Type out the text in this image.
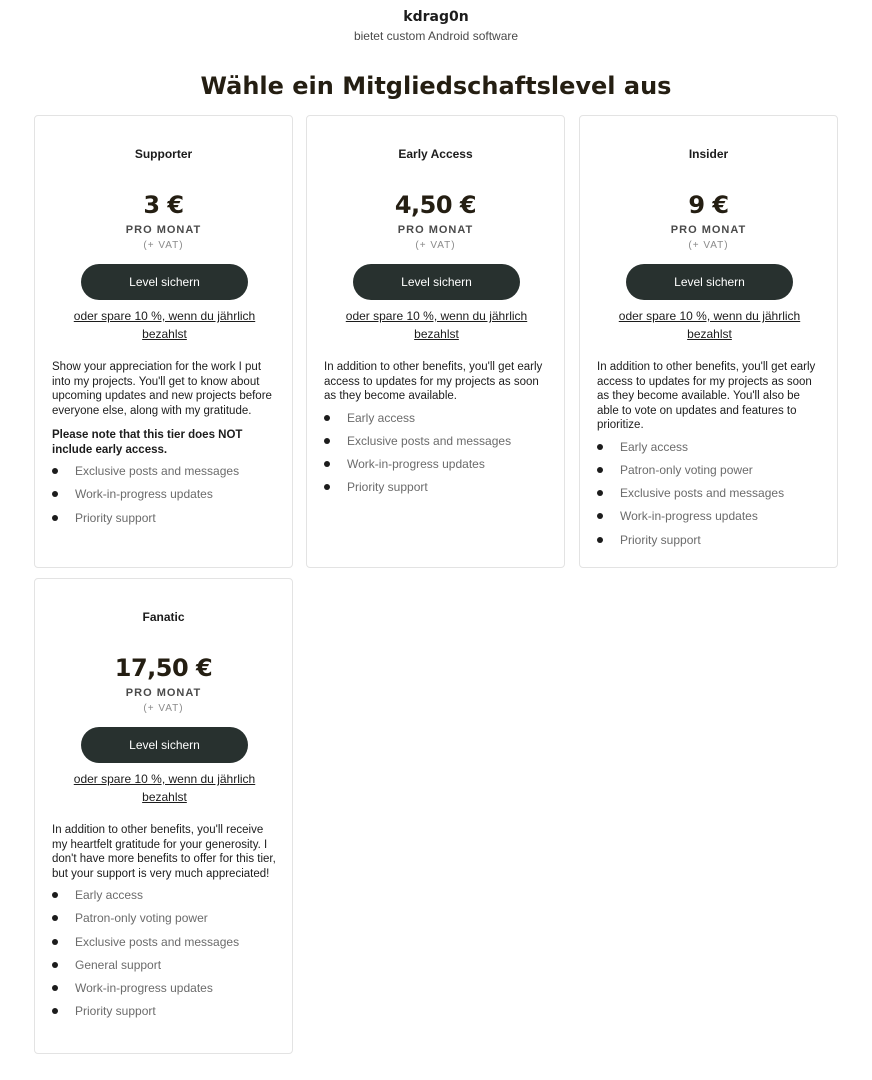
kdrag0n
bietet custom Android software
Wähle ein Mitgliedschaftslevel aus
Supporter
3 €
PRO MONAT
(+ VAT)
Level sichern
oder spare 10 %, wenn du jährlich bezahlst

Show your appreciation for the work I put into my projects. You'll get to know about upcoming updates and new projects before everyone else, along with my gratitude.

Please note that this tier does NOT include early access.

Exclusive posts and messages
Work-in-progress updates
Priority support
Early Access
4,50 €
PRO MONAT
(+ VAT)
Level sichern
oder spare 10 %, wenn du jährlich bezahlst

In addition to other benefits, you'll get early access to updates for my projects as soon as they become available.

Early access
Exclusive posts and messages
Work-in-progress updates
Priority support
Insider
9 €
PRO MONAT
(+ VAT)
Level sichern
oder spare 10 %, wenn du jährlich bezahlst

In addition to other benefits, you'll get early access to updates for my projects as soon as they become available. You'll also be able to vote on updates and features to prioritize.

Early access
Patron-only voting power
Exclusive posts and messages
Work-in-progress updates
Priority support
Fanatic
17,50 €
PRO MONAT
(+ VAT)
Level sichern
oder spare 10 %, wenn du jährlich bezahlst

In addition to other benefits, you'll receive my heartfelt gratitude for your generosity. I don't have more benefits to offer for this tier, but your support is very much appreciated!

Early access
Patron-only voting power
Exclusive posts and messages
General support
Work-in-progress updates
Priority support
